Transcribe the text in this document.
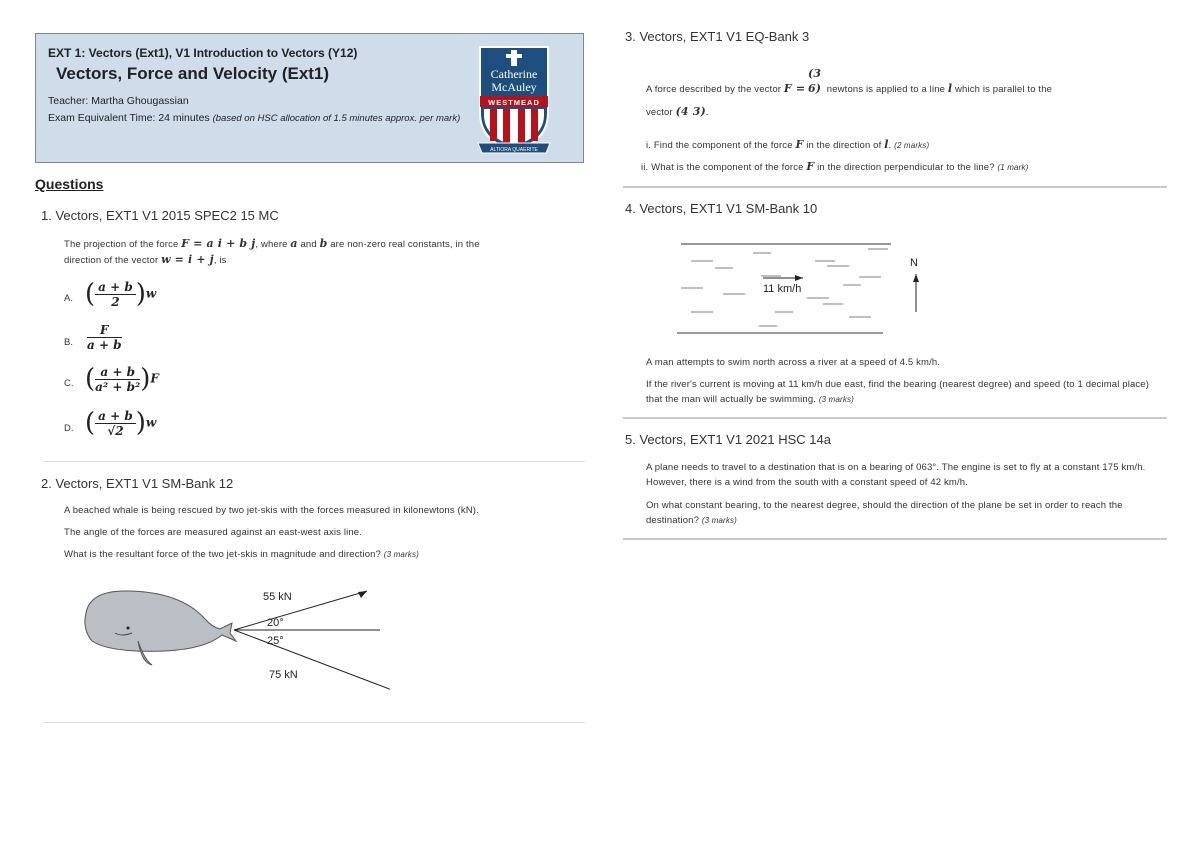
EXT 1: Vectors (Ext1), V1 Introduction to Vectors (Y12)
Vectors, Force and Velocity (Ext1)
Teacher: Martha Ghougassian
Exam Equivalent Time: 24 minutes (based on HSC allocation of 1.5 minutes approx. per mark)
Catherine
McAuley
WESTMEAD
ALTIORA QUAERITE
Questions
1. Vectors, EXT1 V1 2015 SPEC2 15 MC
The projection of the force F = a i + b j, where a and b are non-zero real constants, in the
direction of the vector w = i + j, is
A. ( $\frac{a + b}{2} )w$
B. $\frac{F}{a + b}$
C. ( $\frac{a + b}{\text{a² + b²}} )F$
D. ( $\frac{a + b}{√2} )w$
2. Vectors, EXT1 V1 SM-Bank 12
A beached whale is being rescued by two jet-skis with the forces measured in kilonewtons (kN).
The angle of the forces are measured against an east-west axis line.
What is the resultant force of the two jet-skis in magnitude and direction? (3 marks)
55 kN
20°
25°
75 kN
3. Vectors, EXT1 V1 EQ-Bank 3
A force described by the vector F = (3 6) newtons is applied to a line l which is parallel to the
vector (4 3).
i. Find the component of the force F in the direction of l. (2 marks)
ii. What is the component of the force F in the direction perpendicular to the line? (1 mark)
4. Vectors, EXT1 V1 SM-Bank 10
11 km/h
N
A man attempts to swim north across a river at a speed of 4.5 km/h.
If the river's current is moving at 11 km/h due east, find the bearing (nearest degree) and speed (to 1 decimal place) that the man will actually be swimming. (3 marks)
5. Vectors, EXT1 V1 2021 HSC 14a
A plane needs to travel to a destination that is on a bearing of 063°. The engine is set to fly at a constant 175 km/h. However, there is a wind from the south with a constant speed of 42 km/h.
On what constant bearing, to the nearest degree, should the direction of the plane be set in order to reach the destination? (3 marks)
